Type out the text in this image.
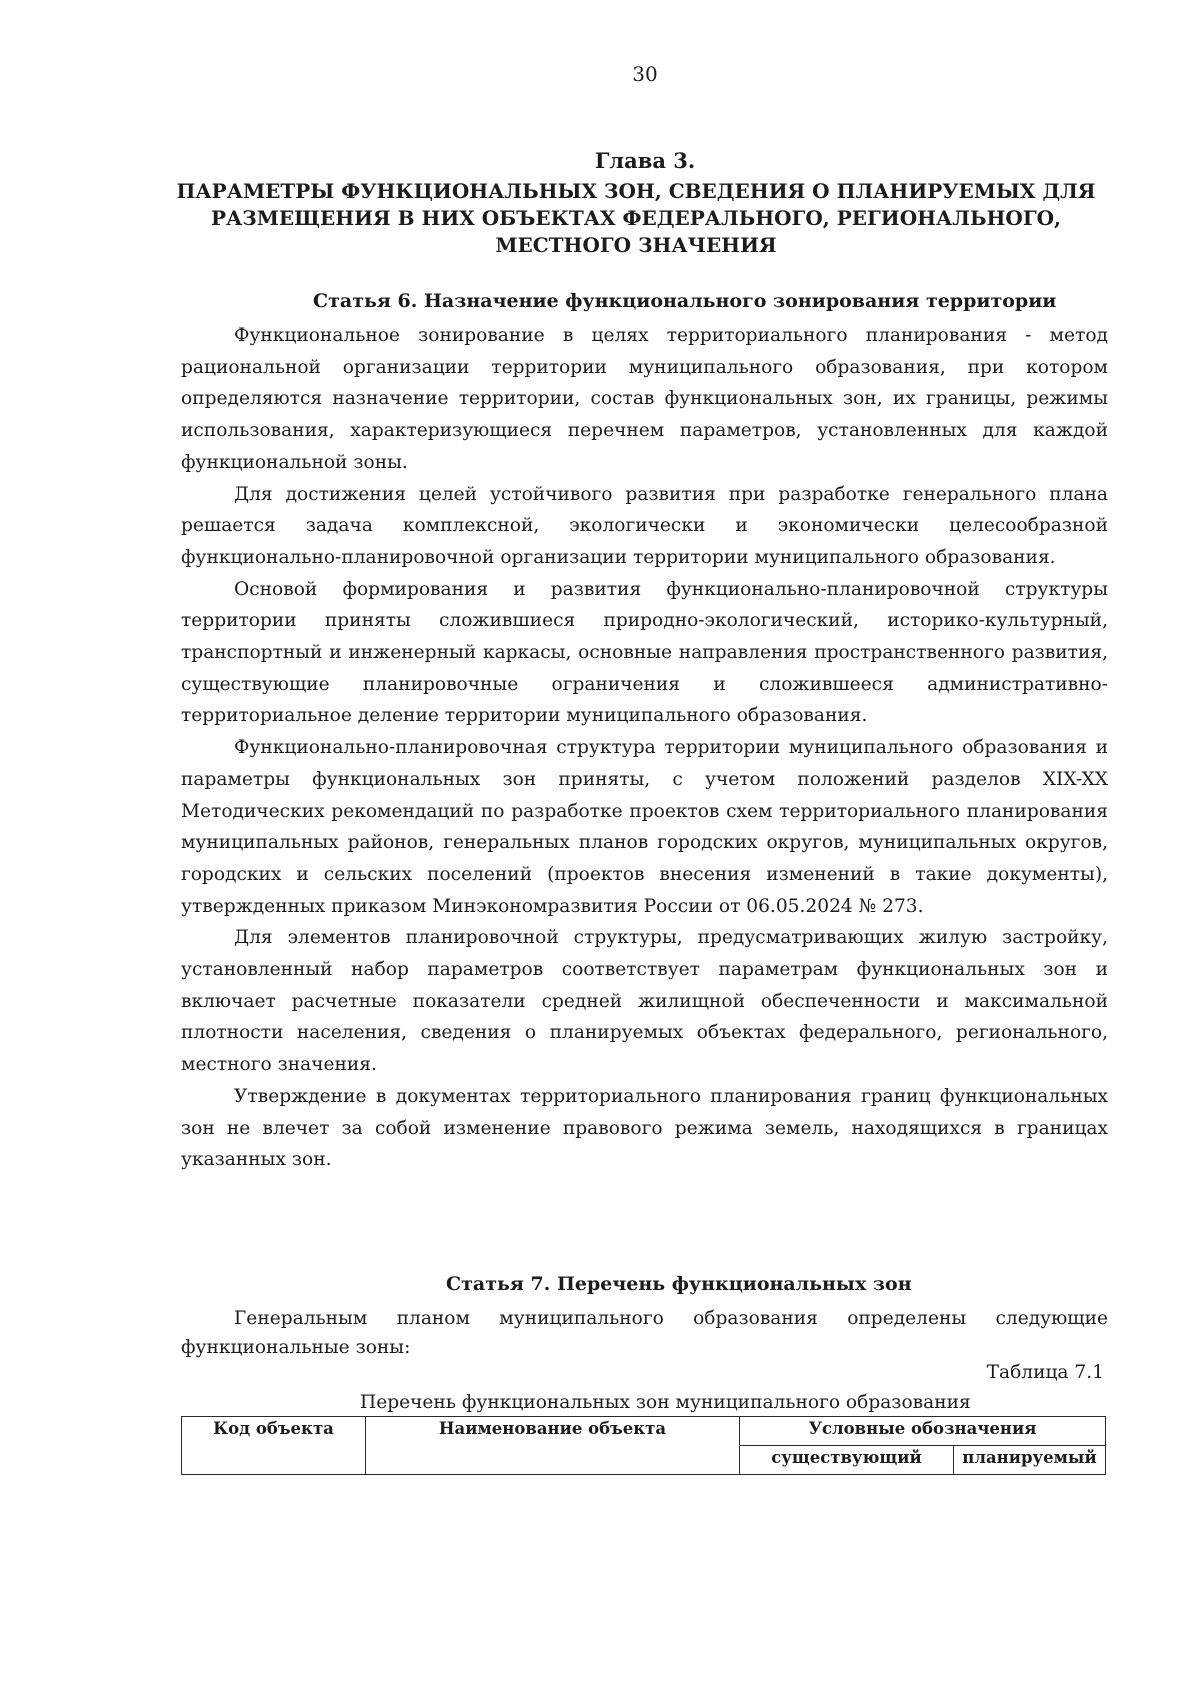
30
Глава 3.
ПАРАМЕТРЫ ФУНКЦИОНАЛЬНЫХ ЗОН, СВЕДЕНИЯ О ПЛАНИРУЕМЫХ ДЛЯ РАЗМЕЩЕНИЯ В НИХ ОБЪЕКТАХ ФЕДЕРАЛЬНОГО, РЕГИОНАЛЬНОГО, МЕСТНОГО ЗНАЧЕНИЯ
Статья 6. Назначение функционального зонирования территории

Функциональное зонирование в целях территориального планирования - метод рациональной организации территории муниципального образования, при котором определяются назначение территории, состав функциональных зон, их границы, режимы использования, характеризующиеся перечнем параметров, установленных для каждой функциональной зоны.

Для достижения целей устойчивого развития при разработке генерального плана решается задача комплексной, экологически и экономически целесообразной функционально-планировочной организации территории муниципального образования.

Основой формирования и развития функционально-планировочной структуры территории приняты сложившиеся природно-экологический, историко-культурный, транспортный и инженерный каркасы, основные направления пространственного развития, существующие планировочные ограничения и сложившееся административно-территориальное деление территории муниципального образования.

Функционально-планировочная структура территории муниципального образования и параметры функциональных зон приняты, с учетом положений разделов XIX-XX Методических рекомендаций по разработке проектов схем территориального планирования муниципальных районов, генеральных планов городских округов, муниципальных округов, городских и сельских поселений (проектов внесения изменений в такие документы), утвержденных приказом Минэкономразвития России от 06.05.2024 № 273.

Для элементов планировочной структуры, предусматривающих жилую застройку, установленный набор параметров соответствует параметрам функциональных зон и включает расчетные показатели средней жилищной обеспеченности и максимальной плотности населения, сведения о планируемых объектах федерального, регионального, местного значения.

Утверждение в документах территориального планирования границ функциональных зон не влечет за собой изменение правового режима земель, находящихся в границах указанных зон.

Статья 7. Перечень функциональных зон

Генеральным планом муниципального образования определены следующие функциональные зоны:

Таблица 7.1
Перечень функциональных зон муниципального образования
Код объекта	Наименование объекта	Условные обозначения	
		существующий	планируемый
